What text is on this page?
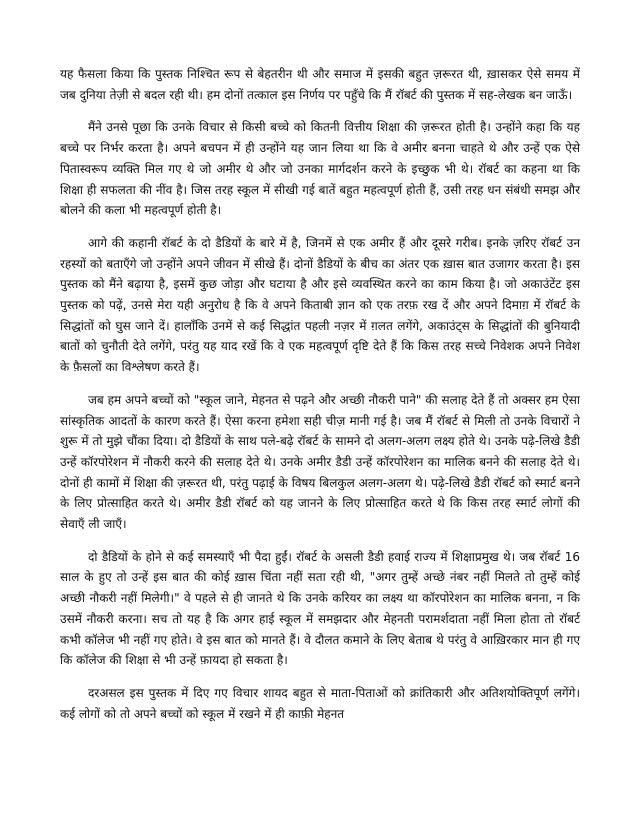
यह फैसला किया कि पुस्तक निश्चित रूप से बेहतरीन थी और समाज में इसकी बहुत ज़रूरत थी, ख़ासकर ऐसे समय में जब दुनिया तेज़ी से बदल रही थी। हम दोनों तत्काल इस निर्णय पर पहुँचे कि मैं रॉबर्ट की पुस्तक में सह-लेखक बन जाऊँ।

मैंने उनसे पूछा कि उनके विचार से किसी बच्चे को कितनी वित्तीय शिक्षा की ज़रूरत होती है। उन्होंने कहा कि यह बच्चे पर निर्भर करता है। अपने बचपन में ही उन्होंने यह जान लिया था कि वे अमीर बनना चाहते थे और उन्हें एक ऐसे पितास्वरूप व्यक्ति मिल गए थे जो अमीर थे और जो उनका मार्गदर्शन करने के इच्छुक भी थे। रॉबर्ट का कहना था कि शिक्षा ही सफलता की नींव है। जिस तरह स्कूल में सीखी गई बातें बहुत महत्वपूर्ण होती हैं, उसी तरह धन संबंधी समझ और बोलने की कला भी महत्वपूर्ण होती है।

आगे की कहानी रॉबर्ट के दो डैडियों के बारे में है, जिनमें से एक अमीर हैं और दूसरे गरीब। इनके ज़रिए रॉबर्ट उन रहस्यों को बताएँगे जो उन्होंने अपने जीवन में सीखे हैं। दोनों डैडियों के बीच का अंतर एक ख़ास बात उजागर करता है। इस पुस्तक को मैंने बढ़ाया है, इसमें कुछ जोड़ा और घटाया है और इसे व्यवस्थित करने का काम किया है। जो अकाउंटेंट इस पुस्तक को पढ़ें, उनसे मेरा यही अनुरोध है कि वे अपने किताबी ज्ञान को एक तरफ़ रख दें और अपने दिमाग़ में रॉबर्ट के सिद्धांतों को घुस जाने दें। हालाँकि उनमें से कई सिद्धांत पहली नज़र में ग़लत लगेंगे, अकाउंट्स के सिद्धांतों की बुनियादी बातों को चुनौती देते लगेंगे, परंतु यह याद रखें कि वे एक महत्वपूर्ण दृष्टि देते हैं कि किस तरह सच्चे निवेशक अपने निवेश के फ़ैसलों का विश्लेषण करते हैं।

जब हम अपने बच्चों को "स्कूल जाने, मेहनत से पढ़ने और अच्छी नौकरी पाने" की सलाह देते हैं तो अक्सर हम ऐसा सांस्कृतिक आदतों के कारण करते हैं। ऐसा करना हमेशा सही चीज़ मानी गई है। जब मैं रॉबर्ट से मिली तो उनके विचारों ने शुरू में तो मुझे चौंका दिया। दो डैडियों के साथ पले-बढ़े रॉबर्ट के सामने दो अलग-अलग लक्ष्य होते थे। उनके पढ़े-लिखे डैडी उन्हें कॉरपोरेशन में नौकरी करने की सलाह देते थे। उनके अमीर डैडी उन्हें कॉरपोरेशन का मालिक बनने की सलाह देते थे। दोनों ही कामों में शिक्षा की ज़रूरत थी, परंतु पढ़ाई के विषय बिलकुल अलग-अलग थे। पढ़े-लिखे डैडी रॉबर्ट को स्मार्ट बनने के लिए प्रोत्साहित करते थे। अमीर डैडी रॉबर्ट को यह जानने के लिए प्रोत्साहित करते थे कि किस तरह स्मार्ट लोगों की सेवाएँ ली जाएँ।

दो डैडियों के होने से कई समस्याएँ भी पैदा हुईं। रॉबर्ट के असली डैडी हवाई राज्य में शिक्षाप्रमुख थे। जब रॉबर्ट 16 साल के हुए तो उन्हें इस बात की कोई ख़ास चिंता नहीं सता रही थी, "अगर तुम्हें अच्छे नंबर नहीं मिलते तो तुम्हें कोई अच्छी नौकरी नहीं मिलेगी।" वे पहले से ही जानते थे कि उनके करियर का लक्ष्य था कॉरपोरेशन का मालिक बनना, न कि उसमें नौकरी करना। सच तो यह है कि अगर हाई स्कूल में समझदार और मेहनती परामर्शदाता नहीं मिला होता तो रॉबर्ट कभी कॉलेज भी नहीं गए होते। वे इस बात को मानते हैं। वे दौलत कमाने के लिए बेताब थे परंतु वे आख़िरकार मान ही गए कि कॉलेज की शिक्षा से भी उन्हें फ़ायदा हो सकता है।

दरअसल इस पुस्तक में दिए गए विचार शायद बहुत से माता-पिताओं को क्रांतिकारी और अतिशयोक्तिपूर्ण लगेंगे। कई लोगों को तो अपने बच्चों को स्कूल में रखने में ही काफ़ी मेहनत
